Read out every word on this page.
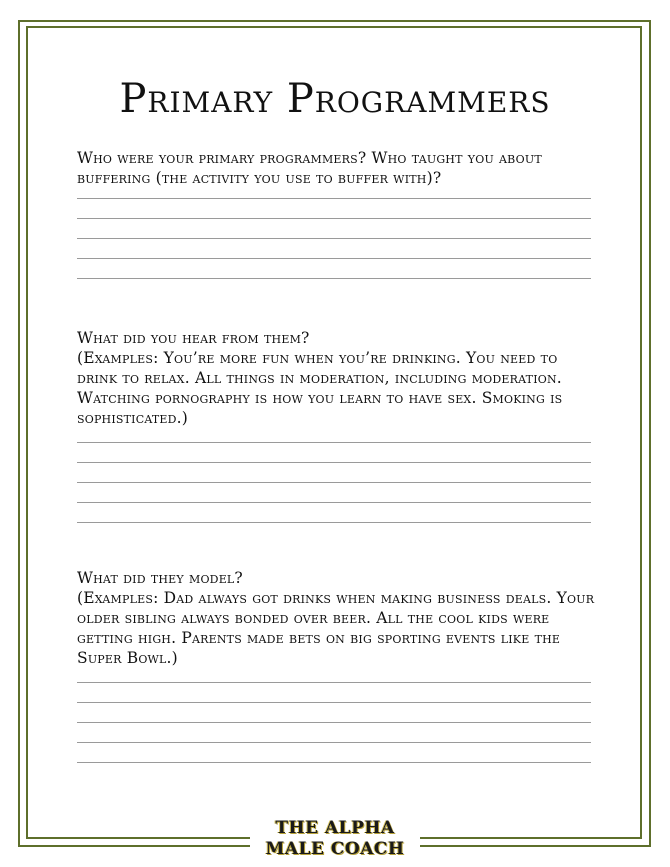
Primary Programmers

Who were your primary programmers? Who taught you about buffering (the activity you use to buffer with)?

What did you hear from them?

(Examples: You’re more fun when you’re drinking. You need to drink to relax. All things in moderation, including moderation. Watching pornography is how you learn to have sex. Smoking is sophisticated.)

What did they model?

(Examples: Dad always got drinks when making business deals. Your older sibling always bonded over beer. All the cool kids were getting high. Parents made bets on big sporting events like the Super Bowl.)

THE ALPHA
MALE COACH
